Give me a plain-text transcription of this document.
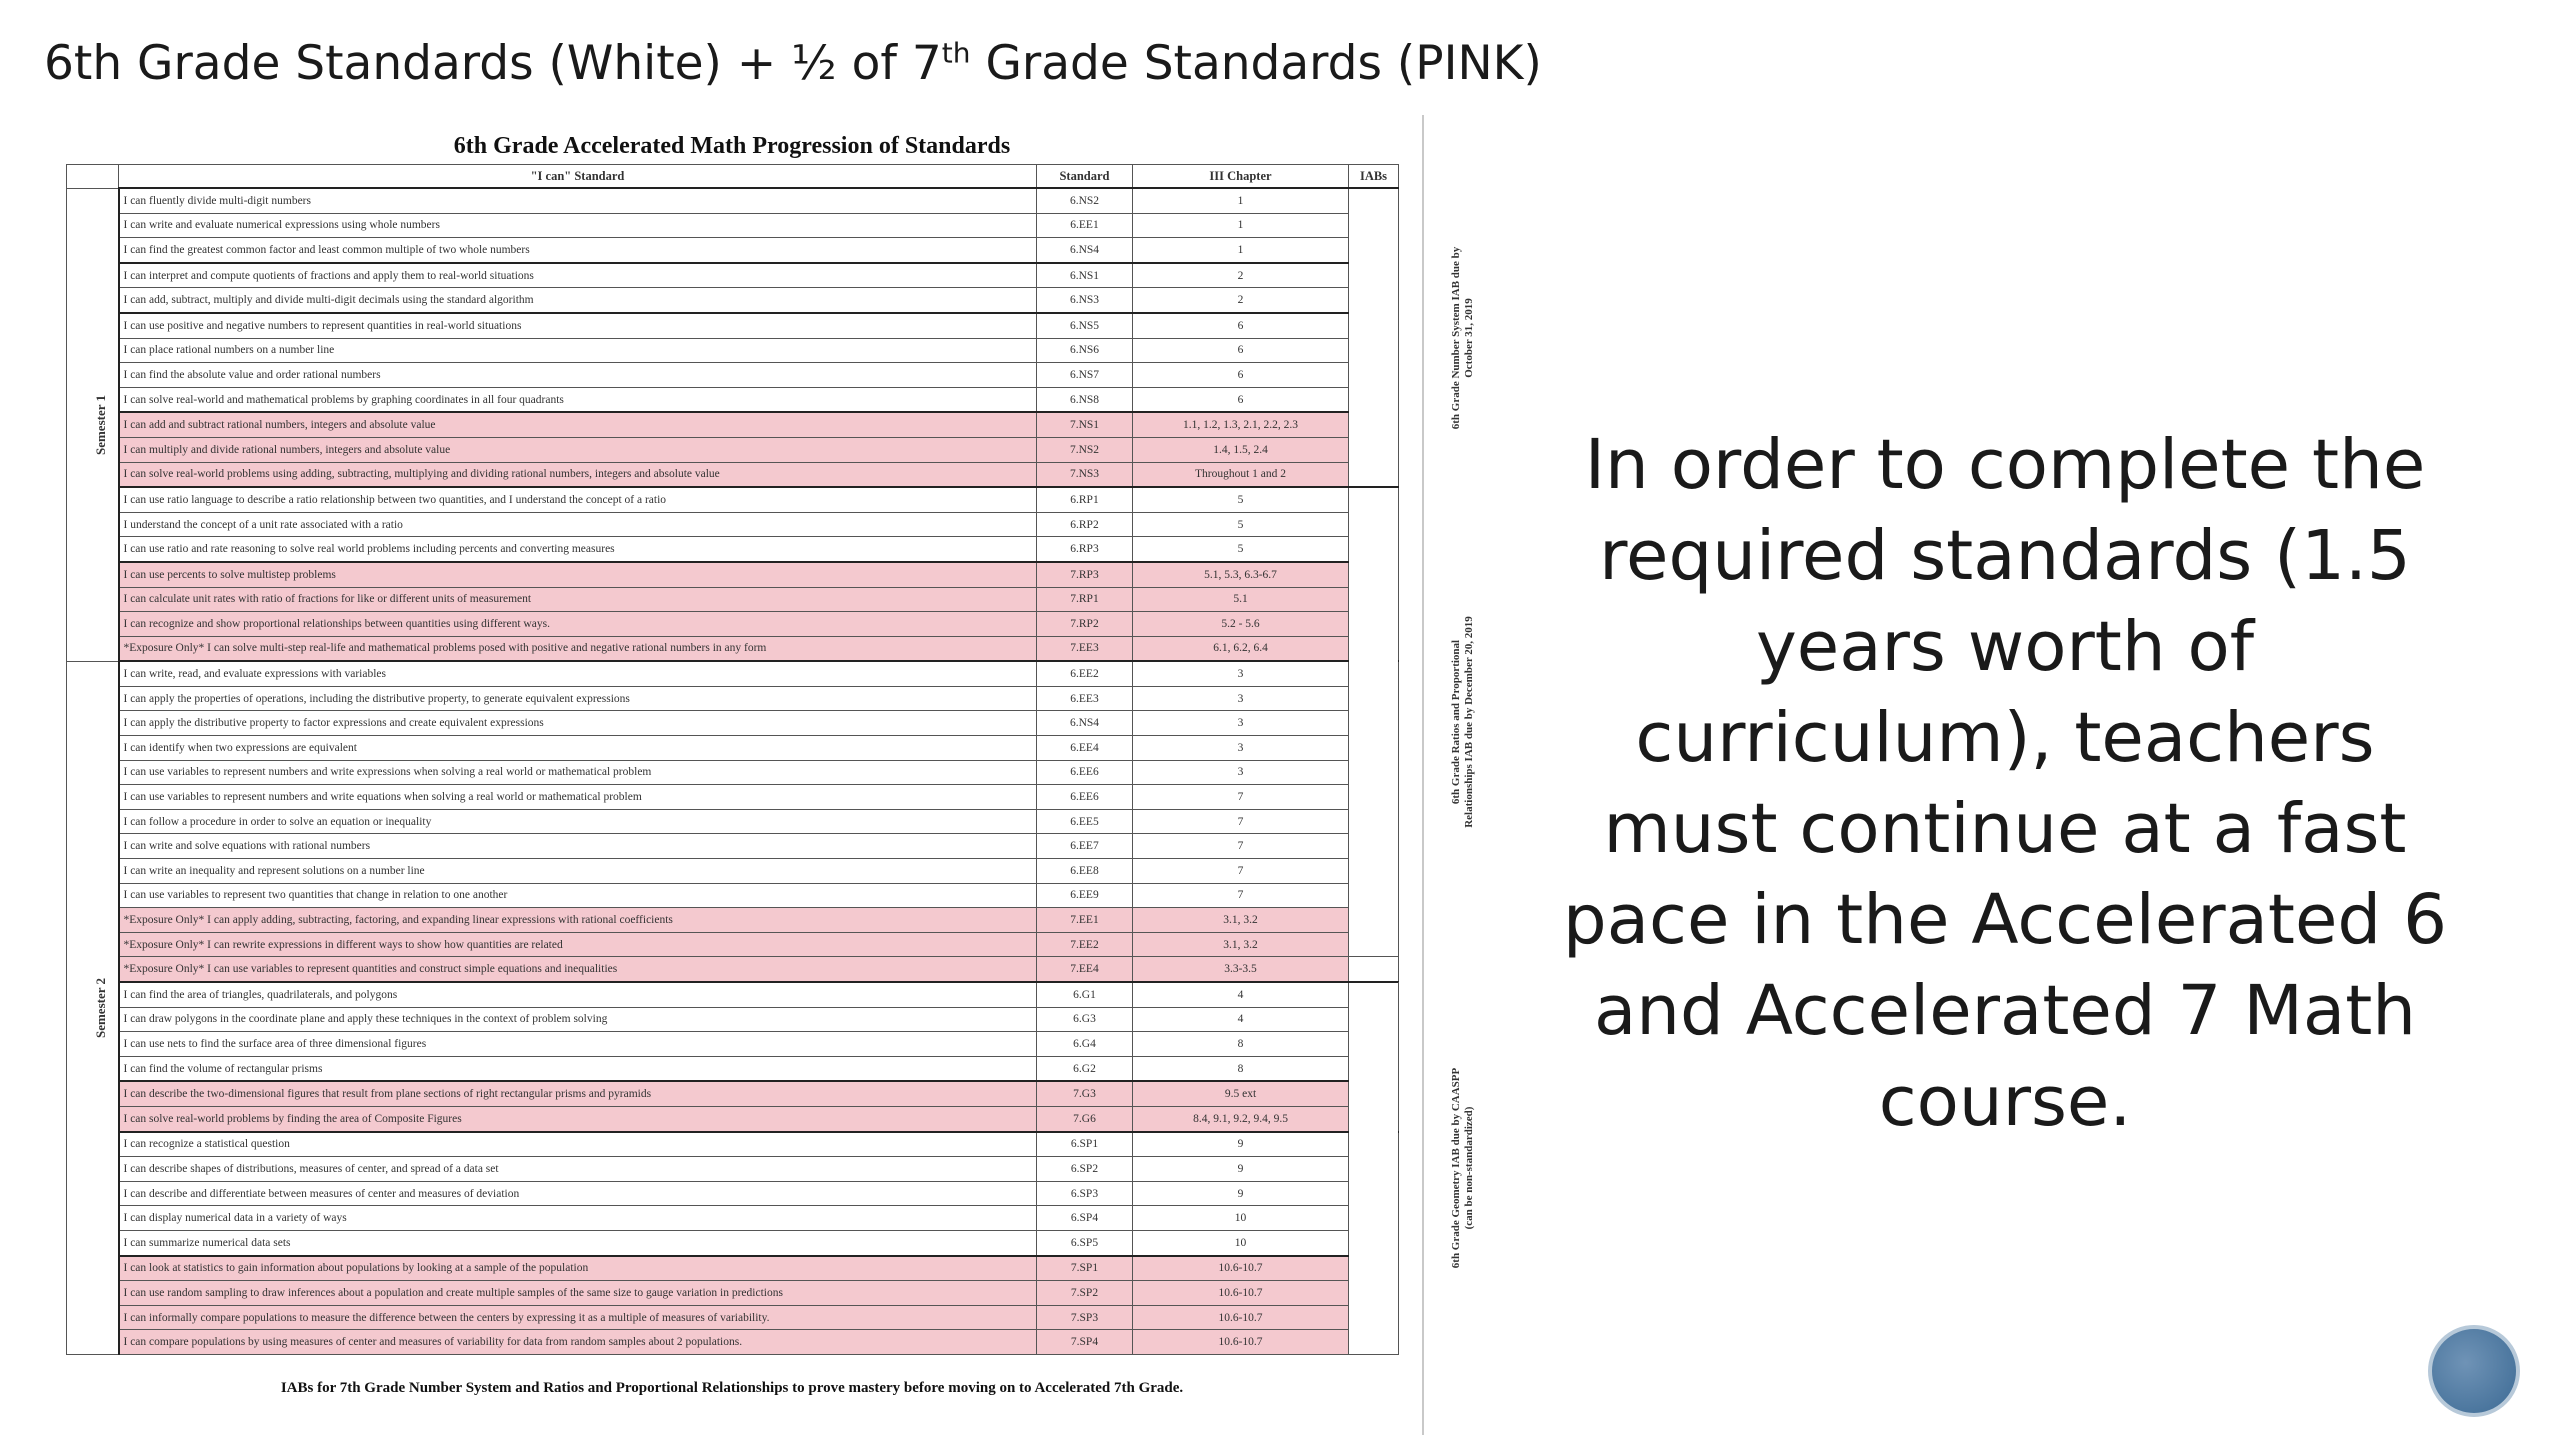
6th Grade Standards (White) + ½ of 7th Grade Standards (PINK)
6th Grade Accelerated Math Progression of Standards
	"I can" Standard	Standard	III Chapter	IABs	
Semester 1	I can fluently divide multi-digit numbers	6.NS2	1	6th Grade Number System IAB due by October 31, 2019	
	I can write and evaluate numerical expressions using whole numbers	6.EE1	1		
	I can find the greatest common factor and least common multiple of two whole numbers	6.NS4	1		
	I can interpret and compute quotients of fractions and apply them to real-world situations	6.NS1	2		
	I can add, subtract, multiply and divide multi-digit decimals using the standard algorithm	6.NS3	2		
	I can use positive and negative numbers to represent quantities in real-world situations	6.NS5	6		
	I can place rational numbers on a number line	6.NS6	6		
	I can find the absolute value and order rational numbers	6.NS7	6		
	I can solve real-world and mathematical problems by graphing coordinates in all four quadrants	6.NS8	6		
	I can add and subtract rational numbers, integers and absolute value	7.NS1	1.1, 1.2, 1.3, 2.1, 2.2, 2.3		
	I can multiply and divide rational numbers, integers and absolute value	7.NS2	1.4, 1.5, 2.4		
	I can solve real-world problems using adding, subtracting, multiplying and dividing rational numbers, integers and absolute value	7.NS3	Throughout 1 and 2		
	I can use ratio language to describe a ratio relationship between two quantities, and I understand the concept of a ratio	6.RP1	5	6th Grade Ratios and Proportional Relationships IAB due by December 20, 2019	
	I understand the concept of a unit rate associated with a ratio	6.RP2	5		
	I can use ratio and rate reasoning to solve real world problems including percents and converting measures	6.RP3	5		
	I can use percents to solve multistep problems	7.RP3	5.1, 5.3, 6.3-6.7		
	I can calculate unit rates with ratio of fractions for like or different units of measurement	7.RP1	5.1		
	I can recognize and show proportional relationships between quantities using different ways.	7.RP2	5.2 - 5.6		
	*Exposure Only* I can solve multi-step real-life and mathematical problems posed with positive and negative rational numbers in any form	7.EE3	6.1, 6.2, 6.4		
Semester 2	I can write, read, and evaluate expressions with variables	6.EE2	3	
	I can apply the properties of operations, including the distributive property, to generate equivalent expressions	6.EE3	3		
	I can apply the distributive property to factor expressions and create equivalent expressions	6.NS4	3		
	I can identify when two expressions are equivalent	6.EE4	3		
	I can use variables to represent numbers and write expressions when solving a real world or mathematical problem	6.EE6	3		
	I can use variables to represent numbers and write equations when solving a real world or mathematical problem	6.EE6	7		
	I can follow a procedure in order to solve an equation or inequality	6.EE5	7		
	I can write and solve equations with rational numbers	6.EE7	7		
	I can write an inequality and represent solutions on a number line	6.EE8	7		
	I can use variables to represent two quantities that change in relation to one another	6.EE9	7		
	*Exposure Only* I can apply adding, subtracting, factoring, and expanding linear expressions with rational coefficients	7.EE1	3.1, 3.2		
	*Exposure Only* I can rewrite expressions in different ways to show how quantities are related	7.EE2	3.1, 3.2		
	*Exposure Only* I can use variables to represent quantities and construct simple equations and inequalities	7.EE4	3.3-3.5		
	I can find the area of triangles, quadrilaterals, and polygons	6.G1	4	6th Grade Geometry IAB due by CAASPP (can be non-standardized)	
	I can draw polygons in the coordinate plane and apply these techniques in the context of problem solving	6.G3	4		
	I can use nets to find the surface area of three dimensional figures	6.G4	8		
	I can find the volume of rectangular prisms	6.G2	8		
	I can describe the two-dimensional figures that result from plane sections of right rectangular prisms and pyramids	7.G3	9.5 ext		
	I can solve real-world problems by finding the area of Composite Figures	7.G6	8.4, 9.1, 9.2, 9.4, 9.5		
	I can recognize a statistical question	6.SP1	9	
	I can describe shapes of distributions, measures of center, and spread of a data set	6.SP2	9		
	I can describe and differentiate between measures of center and measures of deviation	6.SP3	9		
	I can display numerical data in a variety of ways	6.SP4	10		
	I can summarize numerical data sets	6.SP5	10		
	I can look at statistics to gain information about populations by looking at a sample of the population	7.SP1	10.6-10.7		
	I can use random sampling to draw inferences about a population and create multiple samples of the same size to gauge variation in predictions	7.SP2	10.6-10.7		
	I can informally compare populations to measure the difference between the centers by expressing it as a multiple of measures of variability.	7.SP3	10.6-10.7		
	I can compare populations by using measures of center and measures of variability for data from random samples about 2 populations.	7.SP4	10.6-10.7		
IABs for 7th Grade Number System and Ratios and Proportional Relationships to prove mastery before moving on to Accelerated 7th Grade.
In order to complete the required standards (1.5 years worth of curriculum), teachers must continue at a fast pace in the Accelerated 6 and Accelerated 7 Math course.
